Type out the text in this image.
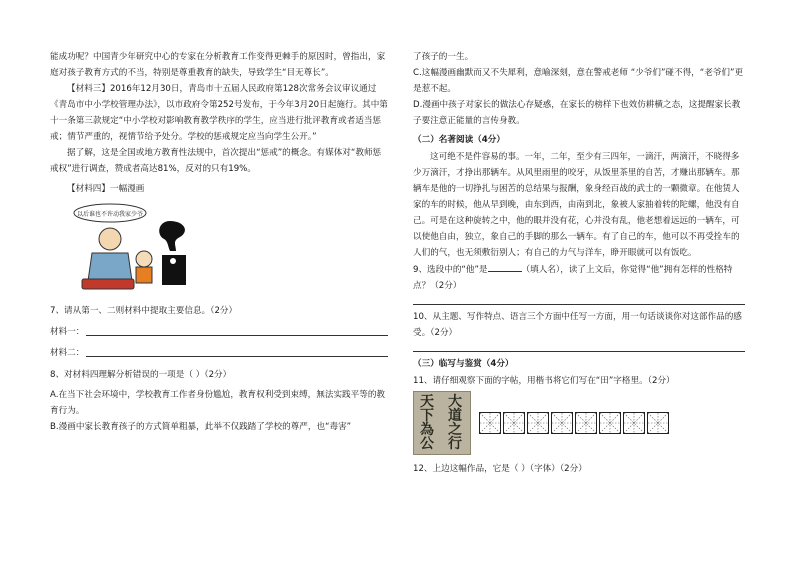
能成功呢？中国青少年研究中心的专家在分析教育工作变得更棘手的原因时，曾指出，家庭对孩子教育方式的不当，特别是尊重教育的缺失，导致学生“目无尊长”。

【材料三】2016年12月30日，青岛市十五届人民政府第128次常务会议审议通过《青岛市中小学校管理办法》，以市政府令第252号发布，于今年3月20日起施行。其中第十一条第三款规定“中小学校对影响教育教学秩序的学生，应当进行批评教育或者适当惩戒；情节严重的，视情节给予处分。学校的惩戒规定应当向学生公开。”

据了解，这是全国或地方教育性法规中，首次提出“惩戒”的概念。有媒体对“教师惩戒权”进行调查，赞成者高达81%，反对的只有19%。

【材料四】一幅漫画

以后谁也不许动我家少爷

7、请从第一、二则材料中提取主要信息。（2分）

材料一：
材料二：

8、对材料四理解分析错误的一项是（ ）（2分）

A.在当下社会环境中，学校教育工作者身份尴尬，教育权利受到束缚，無法实践平等的教育行为。

B.漫画中家长教育孩子的方式简单粗暴，此举不仅践踏了学校的尊严，也“毒害”

了孩子的一生。

C.这幅漫画幽默而又不失犀利，意喻深刻，意在警戒老师 “少爷们”碰不得，“老爷们”更是惹不起。

D.漫画中孩子对家长的做法心存疑惑，在家长的榜样下也效仿耕横之态，这提醒家长教子要注意正能量的言传身教。

（二）名著阅读（4分）

这可绝不是件容易的事。一年，二年，至少有三四年，一滴汗，两滴汗，不晓得多少万滴汗，才挣出那辆车。从风里雨里的咬牙，从饭里茶里的自苦，才赚出那辆车。那辆车是他的一切挣扎与困苦的总结果与报酬，象身经百战的武士的一颗微章。在他赁人家的车的时候，他从早到晚，由东到西，由南到北，象被人家抽着转的陀螺，他没有自己。可是在这种旋转之中，他的眼并没有花，心并没有乱，他老想着远远的一辆车，可以使他自由，独立，象自己的手脚的那么一辆车。有了自己的车，他可以不再受拴车的人们的气，也无须敷衍别人；有自己的力气与洋车，睁开眼就可以有饭吃。

9、选段中的“他”是	（填人名），读了上文后，你觉得“他”拥有怎样的性格特点？（2分）

10、从主题、写作特点、语言三个方面中任写一方面，用一句话谈谈你对这部作品的感受。（2分）

（三）临写与鉴赏（4分）

11、请仔细观察下面的字帖，用楷书将它们写在“田”字格里。（2分）

大
道
之
行
天
下
為
公

12、上边这幅作品，它是（ ）（字体）（2分）
